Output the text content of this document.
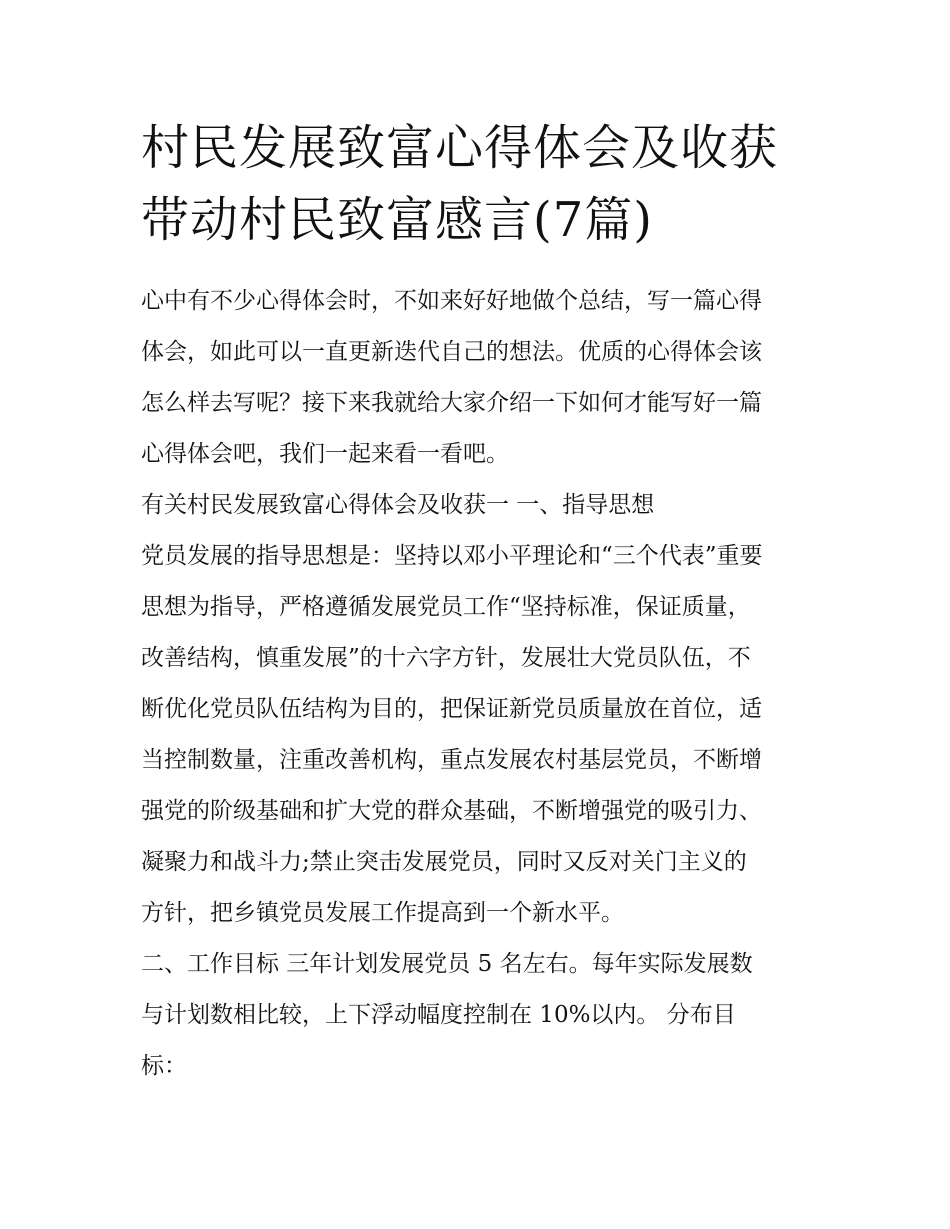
村民发展致富心得体会及收获
带动村民致富感言(7篇)

心中有不少心得体会时，不如来好好地做个总结，写一篇心得
体会，如此可以一直更新迭代自己的想法。优质的心得体会该
怎么样去写呢？接下来我就给大家介绍一下如何才能写好一篇
心得体会吧，我们一起来看一看吧。

有关村民发展致富心得体会及收获一 一、指导思想

党员发展的指导思想是：坚持以邓小平理论和“三个代表”重要
思想为指导，严格遵循发展党员工作“坚持标准，保证质量，
改善结构，慎重发展”的十六字方针，发展壮大党员队伍，不
断优化党员队伍结构为目的，把保证新党员质量放在首位，适
当控制数量，注重改善机构，重点发展农村基层党员，不断增
强党的阶级基础和扩大党的群众基础，不断增强党的吸引力、
凝聚力和战斗力;禁止突击发展党员，同时又反对关门主义的
方针，把乡镇党员发展工作提高到一个新水平。

二、工作目标 三年计划发展党员 5 名左右。每年实际发展数
与计划数相比较，上下浮动幅度控制在 10%以内。 分布目
标：
